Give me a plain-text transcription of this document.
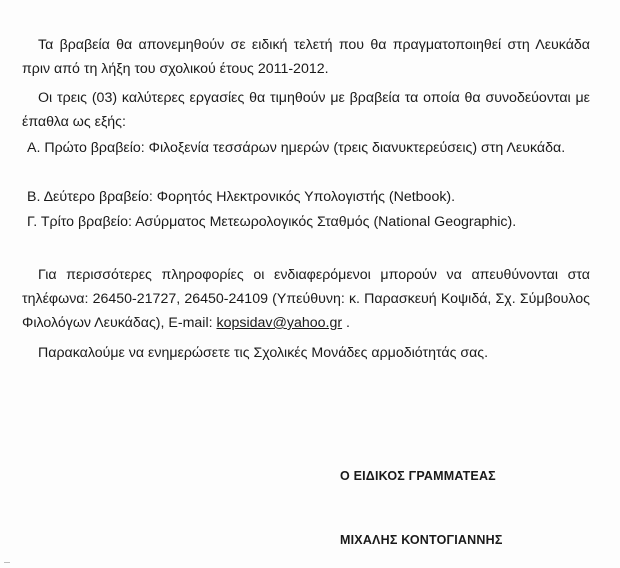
Τα βραβεία θα απονεμηθούν σε ειδική τελετή που θα πραγματοποιηθεί στη Λευκάδα πριν από τη λήξη του σχολικού έτους 2011-2012.
Οι τρεις (03) καλύτερες εργασίες θα τιμηθούν με βραβεία τα οποία θα συνοδεύονται με έπαθλα ως εξής:
Α. Πρώτο βραβείο: Φιλοξενία τεσσάρων ημερών (τρεις διανυκτερεύσεις) στη Λευκάδα.
Β. Δεύτερο βραβείο: Φορητός Ηλεκτρονικός Υπολογιστής (Netbook).
Γ. Τρίτο βραβείο: Ασύρματος Μετεωρολογικός Σταθμός (National Geographic).
Για περισσότερες πληροφορίες οι ενδιαφερόμενοι μπορούν να απευθύνονται στα τηλέφωνα: 26450-21727, 26450-24109 (Υπεύθυνη: κ. Παρασκευή Κοψιδά, Σχ. Σύμβουλος Φιλολόγων Λευκάδας), E-mail: kopsidav@yahoo.gr .
Παρακαλούμε να ενημερώσετε τις Σχολικές Μονάδες αρμοδιότητάς σας.
Ο ΕΙΔΙΚΟΣ ΓΡΑΜΜΑΤΕΑΣ
ΜΙΧΑΛΗΣ ΚΟΝΤΟΓΙΑΝΝΗΣ
